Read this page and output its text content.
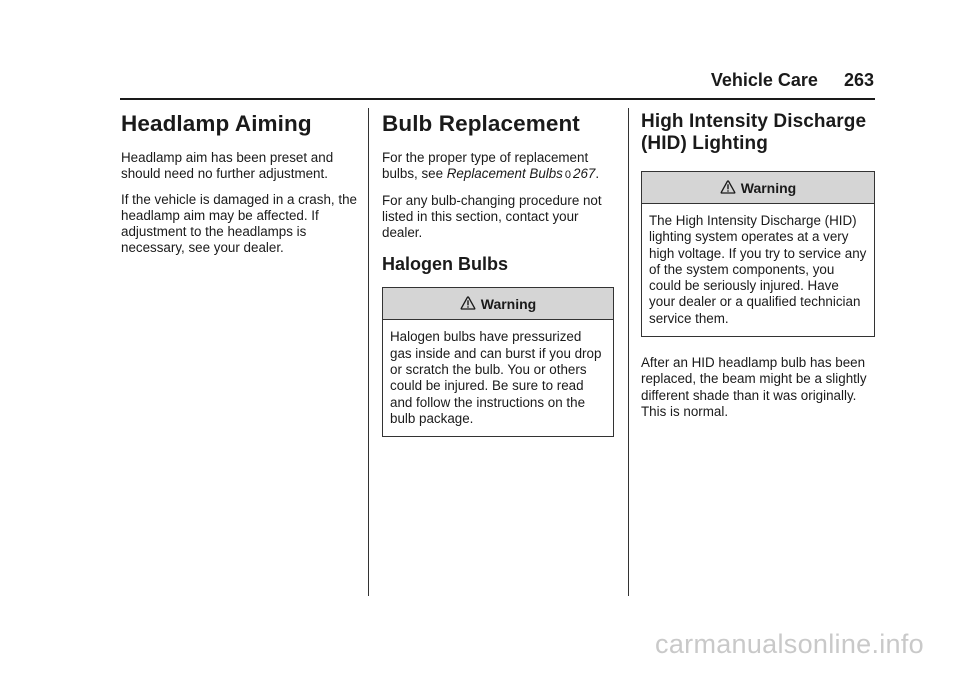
Vehicle Care 263
Headlamp Aiming

Headlamp aim has been preset and should need no further adjustment.

If the vehicle is damaged in a crash, the headlamp aim may be affected. If adjustment to the headlamps is necessary, see your dealer.

Bulb Replacement

For the proper type of replacement bulbs, see Replacement Bulbs 0 267.

For any bulb-changing procedure not listed in this section, contact your dealer.

Halogen Bulbs
Warning
Halogen bulbs have pressurized gas inside and can burst if you drop or scratch the bulb. You or others could be injured. Be sure to read and follow the instructions on the bulb package.
High Intensity Discharge (HID) Lighting
Warning
The High Intensity Discharge (HID) lighting system operates at a very high voltage. If you try to service any of the system components, you could be seriously injured. Have your dealer or a qualified technician service them.

After an HID headlamp bulb has been replaced, the beam might be a slightly different shade than it was originally. This is normal.

carmanualsonline.info
